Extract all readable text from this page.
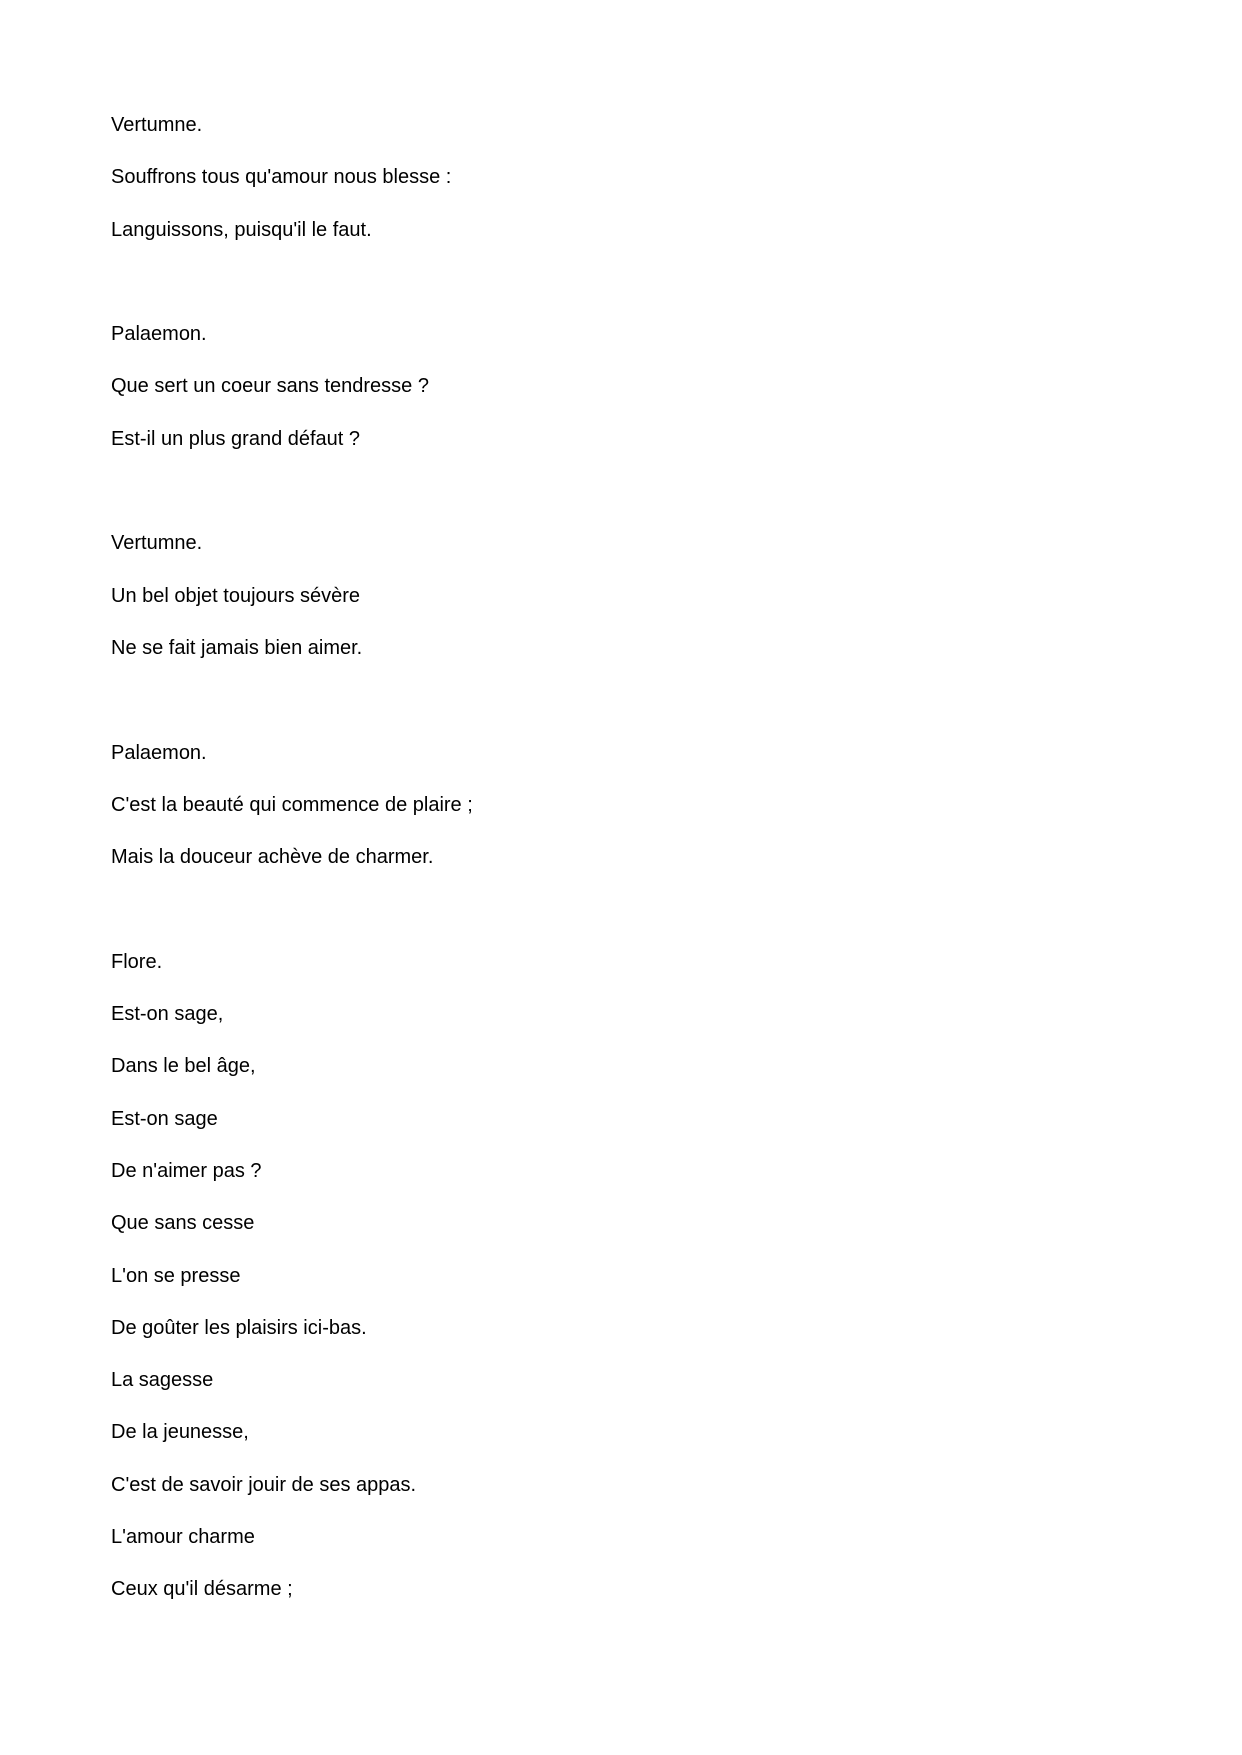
Vertumne.
Souffrons tous qu'amour nous blesse :
Languissons, puisqu'il le faut.
Palaemon.
Que sert un coeur sans tendresse ?
Est-il un plus grand défaut ?
Vertumne.
Un bel objet toujours sévère
Ne se fait jamais bien aimer.
Palaemon.
C'est la beauté qui commence de plaire ;
Mais la douceur achève de charmer.
Flore.
Est-on sage,
Dans le bel âge,
Est-on sage
De n'aimer pas ?
Que sans cesse
L'on se presse
De goûter les plaisirs ici-bas.
La sagesse
De la jeunesse,
C'est de savoir jouir de ses appas.
L'amour charme
Ceux qu'il désarme ;
